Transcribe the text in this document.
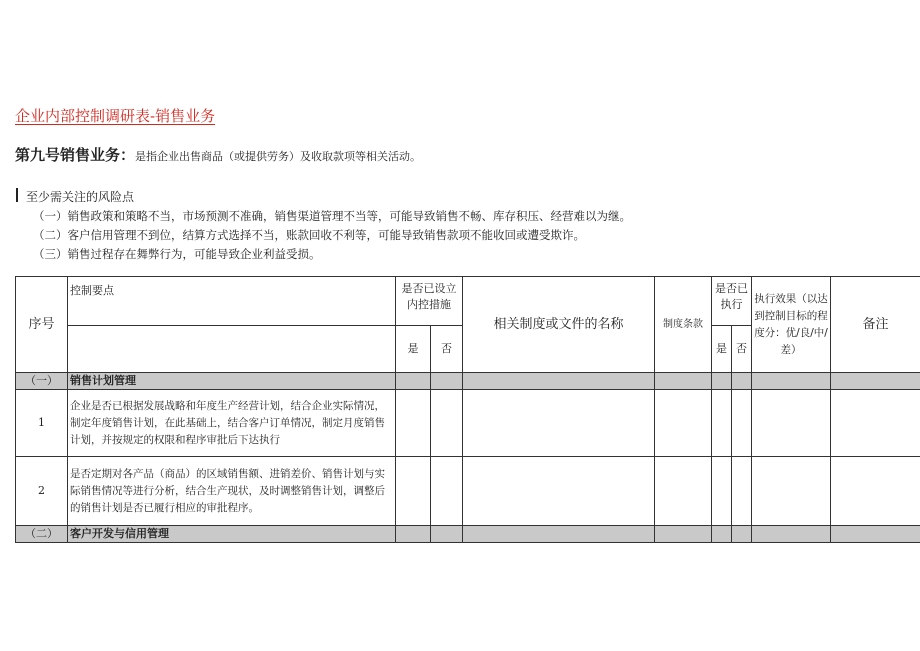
企业内部控制调研表-销售业务
第九号销售业务：是指企业出售商品（或提供劳务）及收取款项等相关活动。
至少需关注的风险点
（一）销售政策和策略不当，市场预测不准确，销售渠道管理不当等，可能导致销售不畅、库存积压、经营难以为继。
（二）客户信用管理不到位，结算方式选择不当，账款回收不利等，可能导致销售款项不能收回或遭受欺诈。
（三）销售过程存在舞弊行为，可能导致企业利益受损。
序号	控制要点	是否已设立内控措施		相关制度或文件的名称	制度条款	是否已执行		执行效果（以达到控制目标的程度分：优/良/中/差）	备注
		是	否			是	否		
（一）	销售计划管理								
1	企业是否已根据发展战略和年度生产经营计划，结合企业实际情况，制定年度销售计划，在此基础上，结合客户订单情况，制定月度销售计划，并按规定的权限和程序审批后下达执行								
2	是否定期对各产品（商品）的区域销售额、进销差价、销售计划与实际销售情况等进行分析，结合生产现状，及时调整销售计划，调整后的销售计划是否已履行相应的审批程序。								
（二）	客户开发与信用管理								
